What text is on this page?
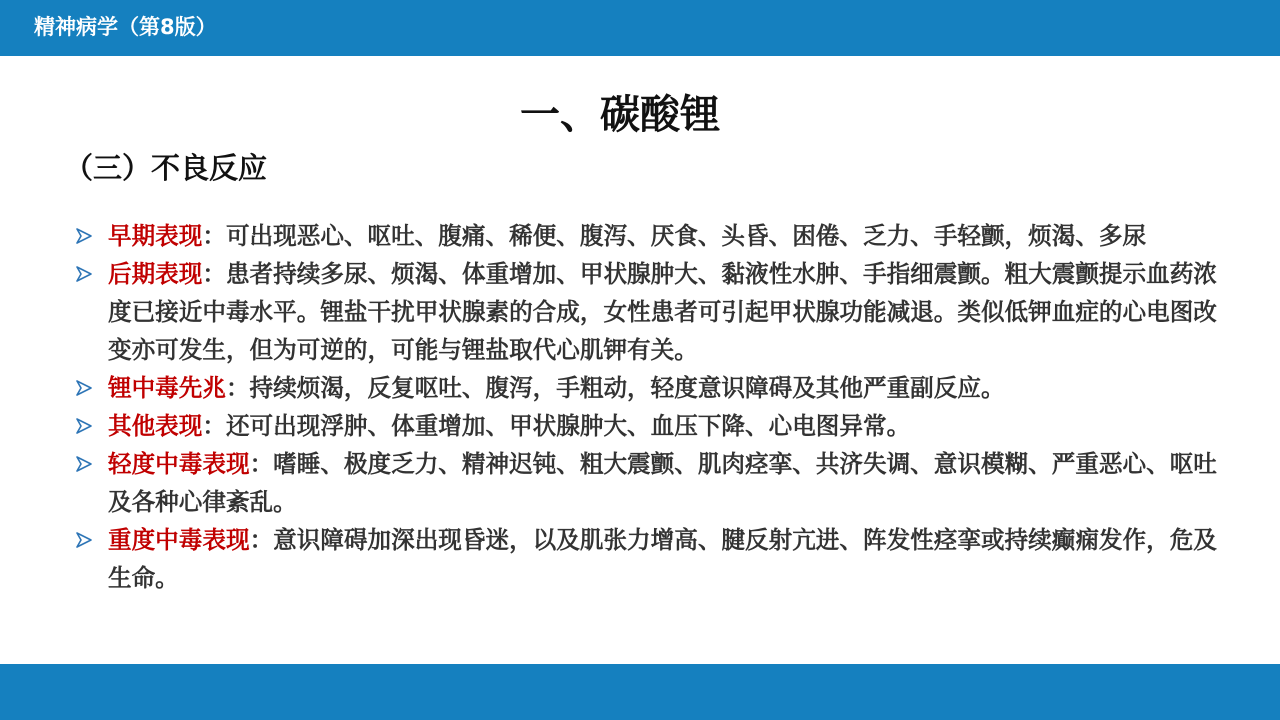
精神病学（第8版）
一、碳酸锂
（三）不良反应
早期表现：可出现恶心、呕吐、腹痛、稀便、腹泻、厌食、头昏、困倦、乏力、手轻颤，烦渴、多尿
后期表现：患者持续多尿、烦渴、体重增加、甲状腺肿大、黏液性水肿、手指细震颤。粗大震颤提示血药浓度已接近中毒水平。锂盐干扰甲状腺素的合成，女性患者可引起甲状腺功能减退。类似低钾血症的心电图改变亦可发生，但为可逆的，可能与锂盐取代心肌钾有关。
锂中毒先兆：持续烦渴，反复呕吐、腹泻，手粗动，轻度意识障碍及其他严重副反应。
其他表现：还可出现浮肿、体重增加、甲状腺肿大、血压下降、心电图异常。
轻度中毒表现：嗜睡、极度乏力、精神迟钝、粗大震颤、肌肉痉挛、共济失调、意识模糊、严重恶心、呕吐及各种心律紊乱。
重度中毒表现：意识障碍加深出现昏迷，以及肌张力增高、腱反射亢进、阵发性痉挛或持续癫痫发作，危及生命。
